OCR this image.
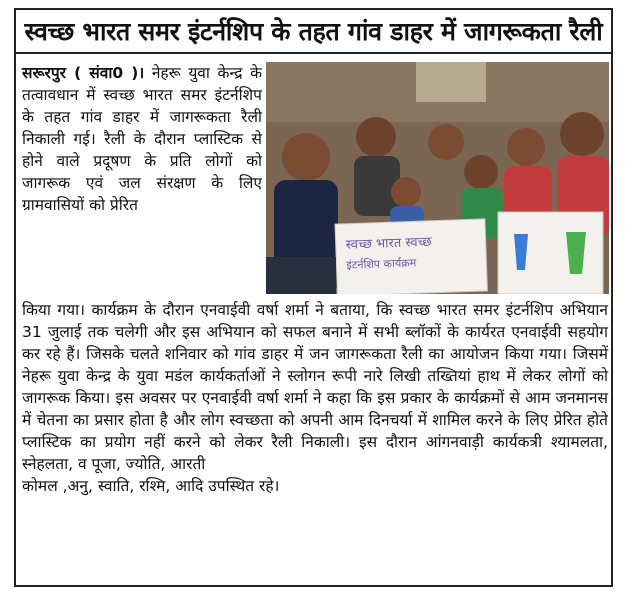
स्वच्छ भारत समर इंटर्नशिप के तहत गांव डाहर में जागरूकता रैली
सरूरपुर ( संवा0 )। नेहरू युवा केन्द्र के तत्वावधान में स्वच्छ भारत समर इंटर्नशिप के तहत गांव डाहर में जागरूकता रैली निकाली गई। रैली के दौरान प्लास्टिक से होने वाले प्रदूषण के प्रति लोगों को जागरूक एवं जल संरक्षण के लिए ग्रामवासियों को प्रेरित
स्वच्छ भारत स्वच्छ
इंटर्नशिप कार्यक्रम

किया गया। कार्यक्रम के दौरान एनवाईवी वर्षा शर्मा ने बताया, कि स्वच्छ भारत समर इंटर्नशिप अभियान 31 जुलाई तक चलेगी और इस अभियान को सफल बनाने में सभी ब्लॉकों के कार्यरत एनवाईवी सहयोग कर रहे हैं। जिसके चलते शनिवार को गांव डाहर में जन जागरूकता रैली का आयोजन किया गया। जिसमें नेहरू युवा केन्द्र के युवा मडंल कार्यकर्ताओं ने स्लोगन रूपी नारे लिखी तख्तियां हाथ में लेकर लोगों को जागरूक किया। इस अवसर पर एनवाईवी वर्षा शर्मा ने कहा कि इस प्रकार के कार्यक्रमों से आम जनमानस में चेतना का प्रसार होता है और लोग स्वच्छता को अपनी आम दिनचर्या में शामिल करने के लिए प्रेरित होते प्लास्टिक का प्रयोग नहीं करने को लेकर रैली निकाली। इस दौरान आंगनवाड़ी कार्यकत्री श्यामलता, स्नेहलता, व पूजा, ज्योति, आरती

कोमल ,अनु, स्वाति, रश्मि, आदि उपस्थित रहे।
